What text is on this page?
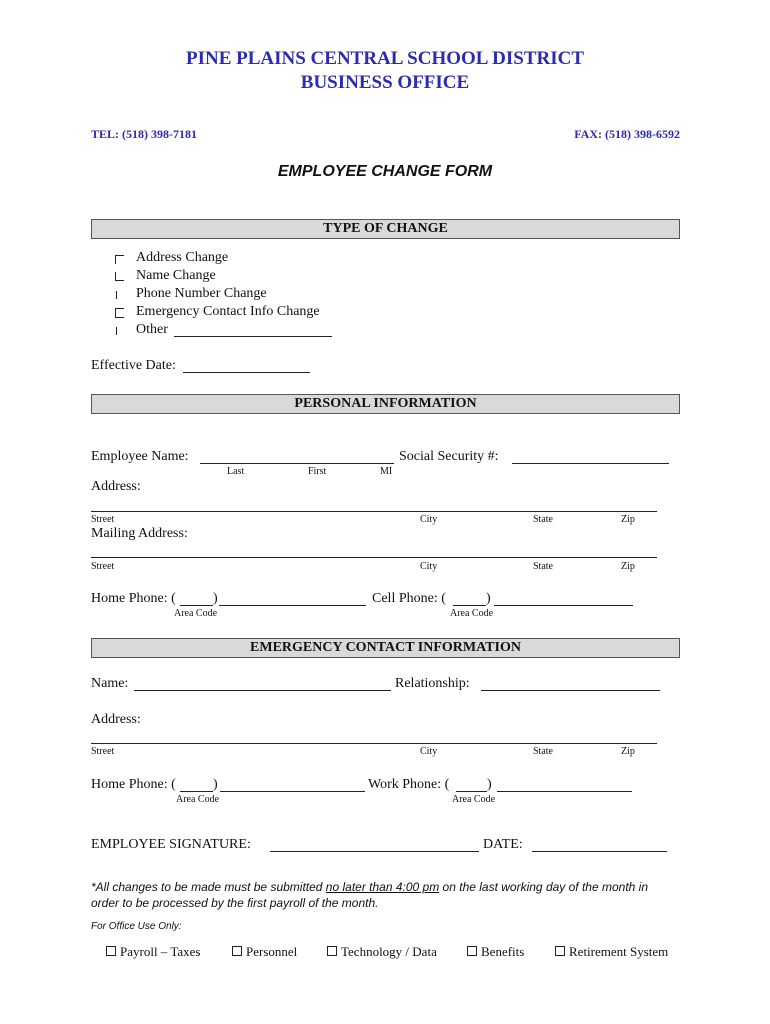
PINE PLAINS CENTRAL SCHOOL DISTRICT
BUSINESS OFFICE
TEL: (518) 398-7181	FAX: (518) 398-6592
EMPLOYEE CHANGE FORM
TYPE OF CHANGE
Address Change
Name Change
Phone Number Change
Emergency Contact Info Change
Other
Effective Date:
PERSONAL INFORMATION
Employee Name:	Social Security #:
Last	First	MI
Address:
Street	City	State	Zip
Mailing Address:
Street	City	State	Zip
Home Phone: (	)
Area Code
Cell Phone: (	)
Area Code
EMERGENCY CONTACT INFORMATION
Name:	Relationship:
Address:
Street	City	State	Zip
Home Phone: (	)
Area Code
Work Phone: (	)
Area Code
EMPLOYEE SIGNATURE:	DATE:
*All changes to be made must be submitted no later than 4:00 pm on the last working day of the month in
order to be processed by the first payroll of the month.
For Office Use Only:
Payroll – Taxes	Personnel	Technology / Data	Benefits	Retirement System
